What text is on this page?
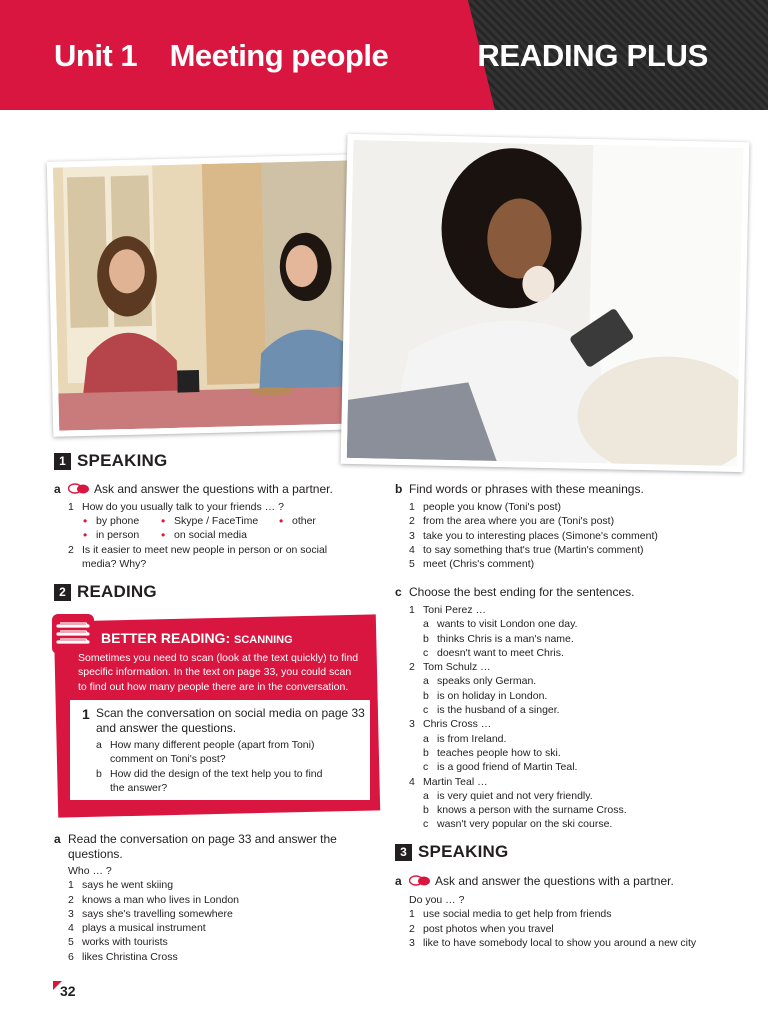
Unit 1    Meeting people	READING PLUS
1 SPEAKING
a	Ask and answer the questions with a partner.
1 How do you usually talk to your friends … ?
• by phone	• Skype / FaceTime	• other
• in person	• on social media
2 Is it easier to meet new people in person or on social
media? Why?
2 READING
BETTER READING: SCANNING
Sometimes you need to scan (look at the text quickly) to find
specific information. In the text on page 33, you could scan
to find out how many people there are in the conversation.
1 Scan the conversation on social media on page 33
and answer the questions.
a How many different people (apart from Toni)
comment on Toni's post?
b How did the design of the text help you to find
the answer?
a Read the conversation on page 33 and answer the
questions.
Who … ?
1 says he went skiing
2 knows a man who lives in London
3 says she's travelling somewhere
4 plays a musical instrument
5 works with tourists
6 likes Christina Cross
b Find words or phrases with these meanings.
1 people you know (Toni's post)
2 from the area where you are (Toni's post)
3 take you to interesting places (Simone's comment)
4 to say something that's true (Martin's comment)
5 meet (Chris's comment)
c Choose the best ending for the sentences.
1 Toni Perez …
a wants to visit London one day.
b thinks Chris is a man's name.
c doesn't want to meet Chris.
2 Tom Schulz …
a speaks only German.
b is on holiday in London.
c is the husband of a singer.
3 Chris Cross …
a is from Ireland.
b teaches people how to ski.
c is a good friend of Martin Teal.
4 Martin Teal …
a is very quiet and not very friendly.
b knows a person with the surname Cross.
c wasn't very popular on the ski course.
3 SPEAKING
a	Ask and answer the questions with a partner.
Do you … ?
1 use social media to get help from friends
2 post photos when you travel
3 like to have somebody local to show you around a new city
32
